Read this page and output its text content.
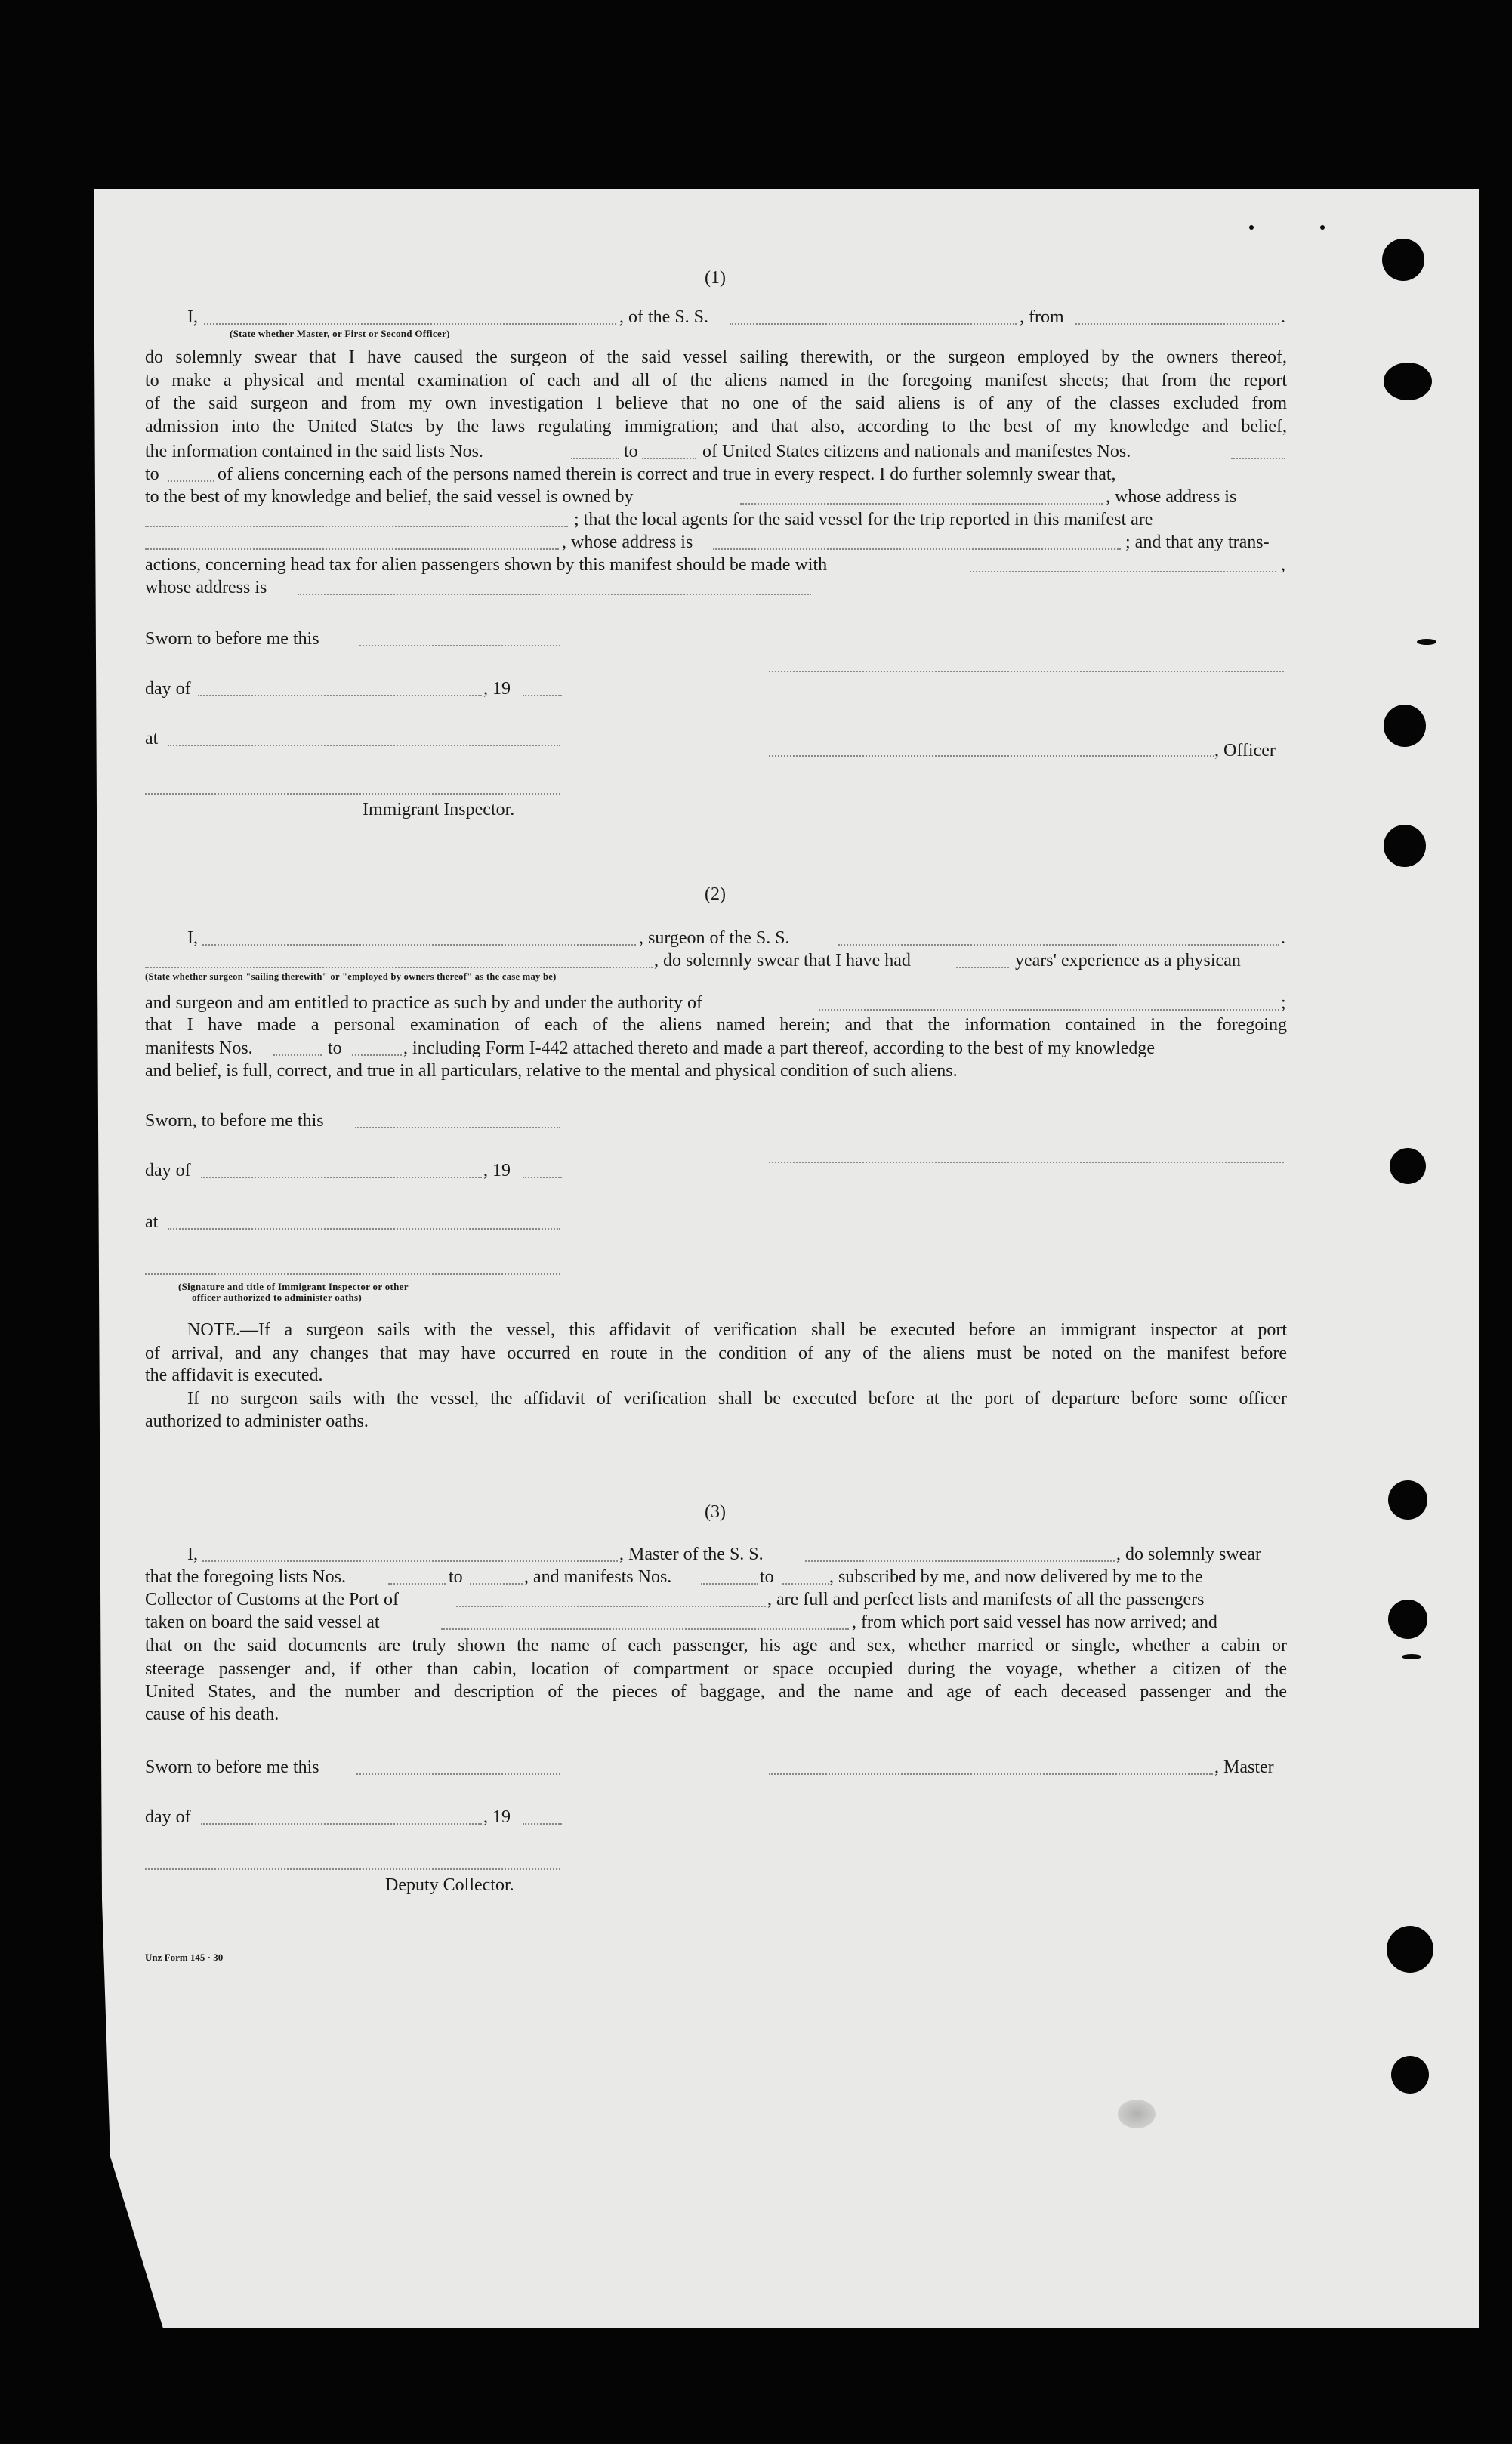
(1)
I,	, of the S. S.	, from	.
(State whether Master, or First or Second Officer)
do solemnly swear that I have caused the surgeon of the said vessel sailing therewith, or the surgeon employed by the owners thereof,
to make a physical and mental examination of each and all of the aliens named in the foregoing manifest sheets; that from the report
of the said surgeon and from my own investigation I believe that no one of the said aliens is of any of the classes excluded from
admission into the United States by the laws regulating immigration; and that also, according to the best of my knowledge and belief,
the information contained in the said lists Nos.	to	of United States citizens and nationals and manifestes Nos.
to	of aliens concerning each of the persons named therein is correct and true in every respect. I do further solemnly swear that,
to the best of my knowledge and belief, the said vessel is owned by	, whose address is
; that the local agents for the said vessel for the trip reported in this manifest are
, whose address is	; and that any trans-
actions, concerning head tax for alien passengers shown by this manifest should be made with	,
whose address is
Sworn to before me this
day of	, 19
at
, Officer
Immigrant Inspector.
(2)
I,	, surgeon of the S. S.	.
, do solemnly swear that I have had	years' experience as a physican
(State whether surgeon "sailing therewith" or "employed by owners thereof" as the case may be)
and surgeon and am entitled to practice as such by and under the authority of	;
that I have made a personal examination of each of the aliens named herein; and that the information contained in the foregoing
manifests Nos.	to	, including Form I-442 attached thereto and made a part thereof, according to the best of my knowledge
and belief, is full, correct, and true in all particulars, relative to the mental and physical condition of such aliens.
Sworn, to before me this
day of	, 19
at
(Signature and title of Immigrant Inspector or other
officer authorized to administer oaths)
NOTE.—If a surgeon sails with the vessel, this affidavit of verification shall be executed before an immigrant inspector at port
of arrival, and any changes that may have occurred en route in the condition of any of the aliens must be noted on the manifest before
the affidavit is executed.
If no surgeon sails with the vessel, the affidavit of verification shall be executed before at the port of departure before some officer
authorized to administer oaths.
(3)
I,	, Master of the S. S.	, do solemnly swear
that the foregoing lists Nos.	to	, and manifests Nos.	to	, subscribed by me, and now delivered by me to the
Collector of Customs at the Port of	, are full and perfect lists and manifests of all the passengers
taken on board the said vessel at	, from which port said vessel has now arrived; and
that on the said documents are truly shown the name of each passenger, his age and sex, whether married or single, whether a cabin or
steerage passenger and, if other than cabin, location of compartment or space occupied during the voyage, whether a citizen of the
United States, and the number and description of the pieces of baggage, and the name and age of each deceased passenger and the
cause of his death.
Sworn to before me this	, Master
day of	, 19
Deputy Collector.
Unz Form 145 · 30
